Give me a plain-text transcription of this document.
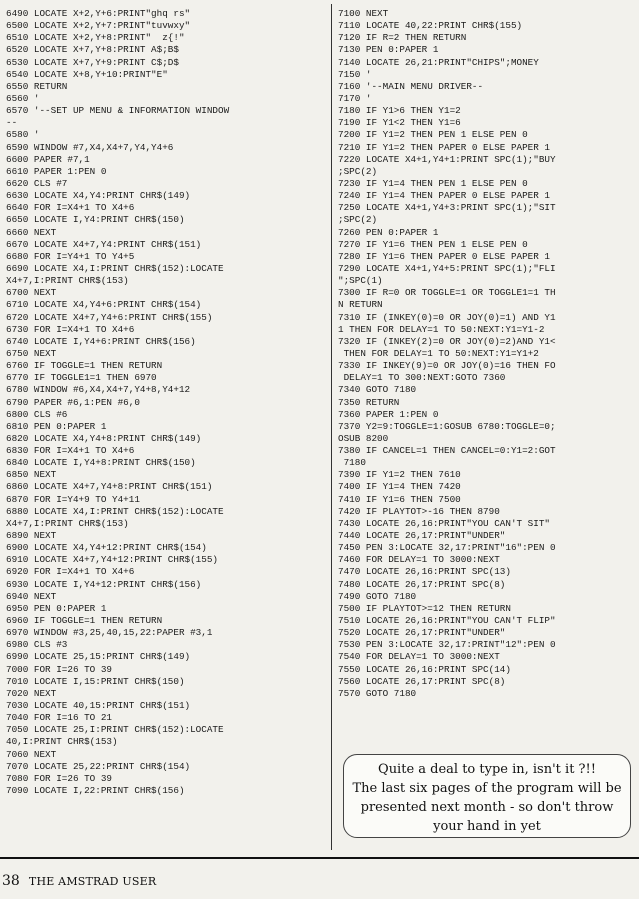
6490 LOCATE X+2,Y+6:PRINT"ghq rs"
6500 LOCATE X+2,Y+7:PRINT"tuvwxy"
6510 LOCATE X+2,Y+8:PRINT"  z{!"
6520 LOCATE X+7,Y+8:PRINT A$;B$
6530 LOCATE X+7,Y+9:PRINT C$;D$
6540 LOCATE X+8,Y+10:PRINT"E"
6550 RETURN
6560 '
6570 '--SET UP MENU & INFORMATION WINDOW
--
6580 '
6590 WINDOW #7,X4,X4+7,Y4,Y4+6
6600 PAPER #7,1
6610 PAPER 1:PEN 0
6620 CLS #7
6630 LOCATE X4,Y4:PRINT CHR$(149)
6640 FOR I=X4+1 TO X4+6
6650 LOCATE I,Y4:PRINT CHR$(150)
6660 NEXT
6670 LOCATE X4+7,Y4:PRINT CHR$(151)
6680 FOR I=Y4+1 TO Y4+5
6690 LOCATE X4,I:PRINT CHR$(152):LOCATE
X4+7,I:PRINT CHR$(153)
6700 NEXT
6710 LOCATE X4,Y4+6:PRINT CHR$(154)
6720 LOCATE X4+7,Y4+6:PRINT CHR$(155)
6730 FOR I=X4+1 TO X4+6
6740 LOCATE I,Y4+6:PRINT CHR$(156)
6750 NEXT
6760 IF TOGGLE=1 THEN RETURN
6770 IF TOGGLE1=1 THEN 6970
6780 WINDOW #6,X4,X4+7,Y4+8,Y4+12
6790 PAPER #6,1:PEN #6,0
6800 CLS #6
6810 PEN 0:PAPER 1
6820 LOCATE X4,Y4+8:PRINT CHR$(149)
6830 FOR I=X4+1 TO X4+6
6840 LOCATE I,Y4+8:PRINT CHR$(150)
6850 NEXT
6860 LOCATE X4+7,Y4+8:PRINT CHR$(151)
6870 FOR I=Y4+9 TO Y4+11
6880 LOCATE X4,I:PRINT CHR$(152):LOCATE
X4+7,I:PRINT CHR$(153)
6890 NEXT
6900 LOCATE X4,Y4+12:PRINT CHR$(154)
6910 LOCATE X4+7,Y4+12:PRINT CHR$(155)
6920 FOR I=X4+1 TO X4+6
6930 LOCATE I,Y4+12:PRINT CHR$(156)
6940 NEXT
6950 PEN 0:PAPER 1
6960 IF TOGGLE=1 THEN RETURN
6970 WINDOW #3,25,40,15,22:PAPER #3,1
6980 CLS #3
6990 LOCATE 25,15:PRINT CHR$(149)
7000 FOR I=26 TO 39
7010 LOCATE I,15:PRINT CHR$(150)
7020 NEXT
7030 LOCATE 40,15:PRINT CHR$(151)
7040 FOR I=16 TO 21
7050 LOCATE 25,I:PRINT CHR$(152):LOCATE
40,I:PRINT CHR$(153)
7060 NEXT
7070 LOCATE 25,22:PRINT CHR$(154)
7080 FOR I=26 TO 39
7090 LOCATE I,22:PRINT CHR$(156)
7100 NEXT
7110 LOCATE 40,22:PRINT CHR$(155)
7120 IF R=2 THEN RETURN
7130 PEN 0:PAPER 1
7140 LOCATE 26,21:PRINT"CHIPS";MONEY
7150 '
7160 '--MAIN MENU DRIVER--
7170 '
7180 IF Y1>6 THEN Y1=2
7190 IF Y1<2 THEN Y1=6
7200 IF Y1=2 THEN PEN 1 ELSE PEN 0
7210 IF Y1=2 THEN PAPER 0 ELSE PAPER 1
7220 LOCATE X4+1,Y4+1:PRINT SPC(1);"BUY
;SPC(2)
7230 IF Y1=4 THEN PEN 1 ELSE PEN 0
7240 IF Y1=4 THEN PAPER 0 ELSE PAPER 1
7250 LOCATE X4+1,Y4+3:PRINT SPC(1);"SIT
;SPC(2)
7260 PEN 0:PAPER 1
7270 IF Y1=6 THEN PEN 1 ELSE PEN 0
7280 IF Y1=6 THEN PAPER 0 ELSE PAPER 1
7290 LOCATE X4+1,Y4+5:PRINT SPC(1);"FLI
";SPC(1)
7300 IF R=0 OR TOGGLE=1 OR TOGGLE1=1 TH
N RETURN
7310 IF (INKEY(0)=0 OR JOY(0)=1) AND Y1
1 THEN FOR DELAY=1 TO 50:NEXT:Y1=Y1-2
7320 IF (INKEY(2)=0 OR JOY(0)=2)AND Y1<
THEN FOR DELAY=1 TO 50:NEXT:Y1=Y1+2
7330 IF INKEY(9)=0 OR JOY(0)=16 THEN FO
DELAY=1 TO 300:NEXT:GOTO 7360
7340 GOTO 7180
7350 RETURN
7360 PAPER 1:PEN 0
7370 Y2=9:TOGGLE=1:GOSUB 6780:TOGGLE=0;
OSUB 8200
7380 IF CANCEL=1 THEN CANCEL=0:Y1=2:GOT
7180
7390 IF Y1=2 THEN 7610
7400 IF Y1=4 THEN 7420
7410 IF Y1=6 THEN 7500
7420 IF PLAYTOT>-16 THEN 8790
7430 LOCATE 26,16:PRINT"YOU CAN'T SIT"
7440 LOCATE 26,17:PRINT"UNDER"
7450 PEN 3:LOCATE 32,17:PRINT"16":PEN 0
7460 FOR DELAY=1 TO 3000:NEXT
7470 LOCATE 26,16:PRINT SPC(13)
7480 LOCATE 26,17:PRINT SPC(8)
7490 GOTO 7180
7500 IF PLAYTOT>=12 THEN RETURN
7510 LOCATE 26,16:PRINT"YOU CAN'T FLIP"
7520 LOCATE 26,17:PRINT"UNDER"
7530 PEN 3:LOCATE 32,17:PRINT"12":PEN 0
7540 FOR DELAY=1 TO 3000:NEXT
7550 LOCATE 26,16:PRINT SPC(14)
7560 LOCATE 26,17:PRINT SPC(8)
7570 GOTO 7180
Quite a deal to type in, isn't it ?!!
The last six pages of the program will be
presented next month - so don't throw
your hand in yet
38 THE AMSTRAD USER
